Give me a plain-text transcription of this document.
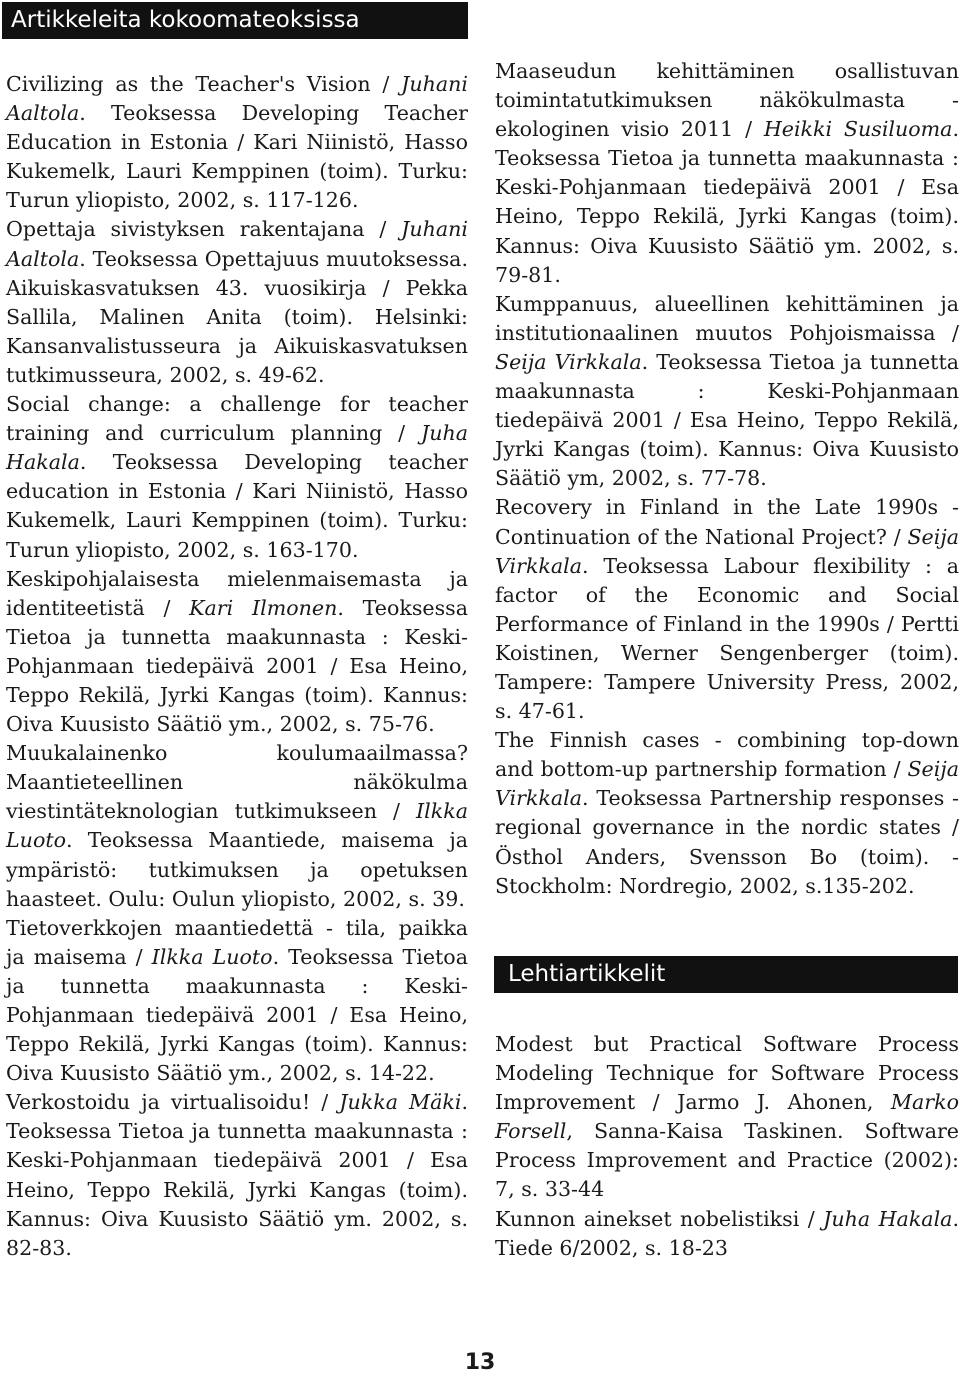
Artikkeleita kokoomateoksissa

Civilizing as the Teacher's Vision / Juhani Aaltola. Teoksessa Developing Teacher Education in Estonia / Kari Niinistö, Hasso Kukemelk, Lauri Kemppinen (toim). Turku: Turun yliopisto, 2002, s. 117-126.

Opettaja sivistyksen rakentajana / Juhani Aaltola. Teoksessa Opettajuus muutoksessa. Aikuiskasvatuksen 43. vuosikirja / Pekka Sallila, Malinen Anita (toim). Helsinki: Kansanvalistusseura ja Aikuiskasvatuksen tutkimusseura, 2002, s. 49-62.

Social change: a challenge for teacher training and curriculum planning / Juha Hakala. Teoksessa Developing teacher education in Estonia / Kari Niinistö, Hasso Kukemelk, Lauri Kemppinen (toim). Turku: Turun yliopisto, 2002, s. 163-170.

Keskipohjalaisesta mielenmaisemasta ja identiteetistä / Kari Ilmonen. Teoksessa Tietoa ja tunnetta maakunnasta : Keski-Pohjanmaan tiedepäivä 2001 / Esa Heino, Teppo Rekilä, Jyrki Kangas (toim). Kannus: Oiva Kuusisto Säätiö ym., 2002, s. 75-76.

Muukalainenko koulumaailmassa? Maantieteellinen näkökulma viestintäteknologian tutkimukseen / Ilkka Luoto. Teoksessa Maantiede, maisema ja ympäristö: tutkimuksen ja opetuksen haasteet. Oulu: Oulun yliopisto, 2002, s. 39.

Tietoverkkojen maantiedettä - tila, paikka ja maisema / Ilkka Luoto. Teoksessa Tietoa ja tunnetta maakunnasta : Keski-Pohjanmaan tiedepäivä 2001 / Esa Heino, Teppo Rekilä, Jyrki Kangas (toim). Kannus: Oiva Kuusisto Säätiö ym., 2002, s. 14-22.

Verkostoidu ja virtualisoidu! / Jukka Mäki. Teoksessa Tietoa ja tunnetta maakunnasta : Keski-Pohjanmaan tiedepäivä 2001 / Esa Heino, Teppo Rekilä, Jyrki Kangas (toim). Kannus: Oiva Kuusisto Säätiö ym. 2002, s. 82-83.

Maaseudun kehittäminen osallistuvan toimintatutkimuksen näkökulmasta - ekologinen visio 2011 / Heikki Susiluoma. Teoksessa Tietoa ja tunnetta maakunnasta : Keski-Pohjanmaan tiedepäivä 2001 / Esa Heino, Teppo Rekilä, Jyrki Kangas (toim). Kannus: Oiva Kuusisto Säätiö ym. 2002, s. 79-81.

Kumppanuus, alueellinen kehittäminen ja institutionaalinen muutos Pohjoismaissa / Seija Virkkala. Teoksessa Tietoa ja tunnetta maakunnasta : Keski-Pohjanmaan tiedepäivä 2001 / Esa Heino, Teppo Rekilä, Jyrki Kangas (toim). Kannus: Oiva Kuusisto Säätiö ym, 2002, s. 77-78.

Recovery in Finland in the Late 1990s - Continuation of the National Project? / Seija Virkkala. Teoksessa Labour flexibility : a factor of the Economic and Social Performance of Finland in the 1990s / Pertti Koistinen, Werner Sengenberger (toim). Tampere: Tampere University Press, 2002, s. 47-61.

The Finnish cases - combining top-down and bottom-up partnership formation / Seija Virkkala. Teoksessa Partnership responses - regional governance in the nordic states / Östhol Anders, Svensson Bo (toim). - Stockholm: Nordregio, 2002, s.135-202.

Lehtiartikkelit

Modest but Practical Software Process Modeling Technique for Software Process Improvement / Jarmo J. Ahonen, Marko Forsell, Sanna-Kaisa Taskinen. Software Process Improvement and Practice (2002): 7, s. 33-44

Kunnon ainekset nobelistiksi / Juha Hakala. Tiede 6/2002, s. 18-23

13
